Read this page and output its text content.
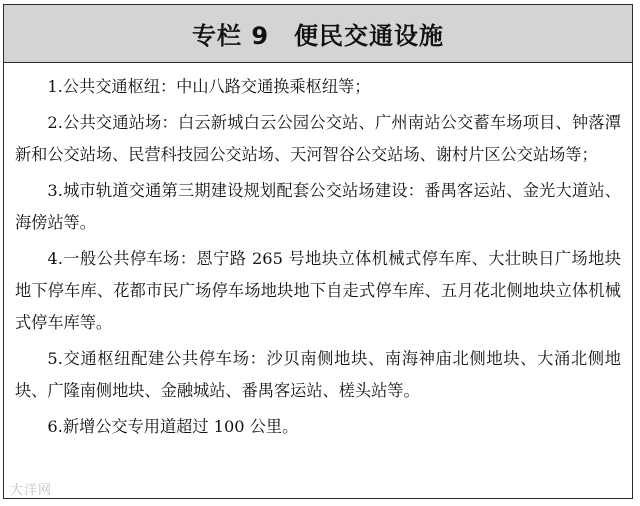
专栏 9　便民交通设施

1.公共交通枢纽：中山八路交通换乘枢纽等；

2.公共交通站场：白云新城白云公园公交站、广州南站公交蓄车场项目、钟落潭新和公交站场、民营科技园公交站场、天河智谷公交站场、谢村片区公交站场等；

3.城市轨道交通第三期建设规划配套公交站场建设：番禺客运站、金光大道站、海傍站等。

4.一般公共停车场：恩宁路 265 号地块立体机械式停车库、大壮映日广场地块地下停车库、花都市民广场停车场地块地下自走式停车库、五月花北侧地块立体机械式停车库等。

5.交通枢纽配建公共停车场：沙贝南侧地块、南海神庙北侧地块、大涌北侧地块、广隆南侧地块、金融城站、番禺客运站、槎头站等。

6.新增公交专用道超过 100 公里。

大洋网
